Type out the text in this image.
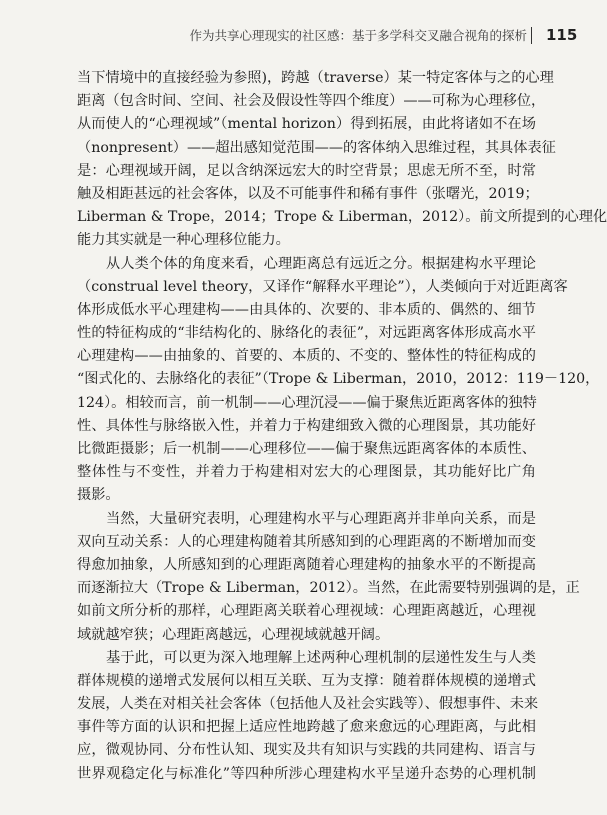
作为共享心理现实的社区感：基于多学科交叉融合视角的探析 115
当下情境中的直接经验为参照)，跨越（traverse）某一特定客体与之的心理
距离（包含时间、空间、社会及假设性等四个维度）——可称为心理移位，
从而使人的“心理视域”（mental horizon）得到拓展，由此将诸如不在场
（nonpresent）——超出感知觉范围——的客体纳入思维过程，其具体表征
是：心理视域开阔，足以含纳深远宏大的时空背景；思虑无所不至，时常
触及相距甚远的社会客体，以及不可能事件和稀有事件（张曙光，2019；
Liberman & Trope，2014；Trope & Liberman，2012）。前文所提到的心理化
能力其实就是一种心理移位能力。
从人类个体的角度来看，心理距离总有远近之分。根据建构水平理论
（construal level theory，又译作“解释水平理论”），人类倾向于对近距离客
体形成低水平心理建构——由具体的、次要的、非本质的、偶然的、细节
性的特征构成的“非结构化的、脉络化的表征”，对远距离客体形成高水平
心理建构——由抽象的、首要的、本质的、不变的、整体性的特征构成的
“图式化的、去脉络化的表征”（Trope & Liberman，2010，2012：119－120，
124）。相较而言，前一机制——心理沉浸——偏于聚焦近距离客体的独特
性、具体性与脉络嵌入性，并着力于构建细致入微的心理图景，其功能好
比微距摄影；后一机制——心理移位——偏于聚焦远距离客体的本质性、
整体性与不变性，并着力于构建相对宏大的心理图景，其功能好比广角
摄影。
当然，大量研究表明，心理建构水平与心理距离并非单向关系，而是
双向互动关系：人的心理建构随着其所感知到的心理距离的不断增加而变
得愈加抽象，人所感知到的心理距离随着心理建构的抽象水平的不断提高
而逐渐拉大（Trope & Liberman，2012）。当然，在此需要特别强调的是，正
如前文所分析的那样，心理距离关联着心理视域：心理距离越近，心理视
域就越窄狭；心理距离越远，心理视域就越开阔。
基于此，可以更为深入地理解上述两种心理机制的层递性发生与人类
群体规模的递增式发展何以相互关联、互为支撑：随着群体规模的递增式
发展，人类在对相关社会客体（包括他人及社会实践等）、假想事件、未来
事件等方面的认识和把握上适应性地跨越了愈来愈远的心理距离，与此相
应，微观协同、分布性认知、现实及共有知识与实践的共同建构、语言与
世界观稳定化与标准化”等四种所涉心理建构水平呈递升态势的心理机制
